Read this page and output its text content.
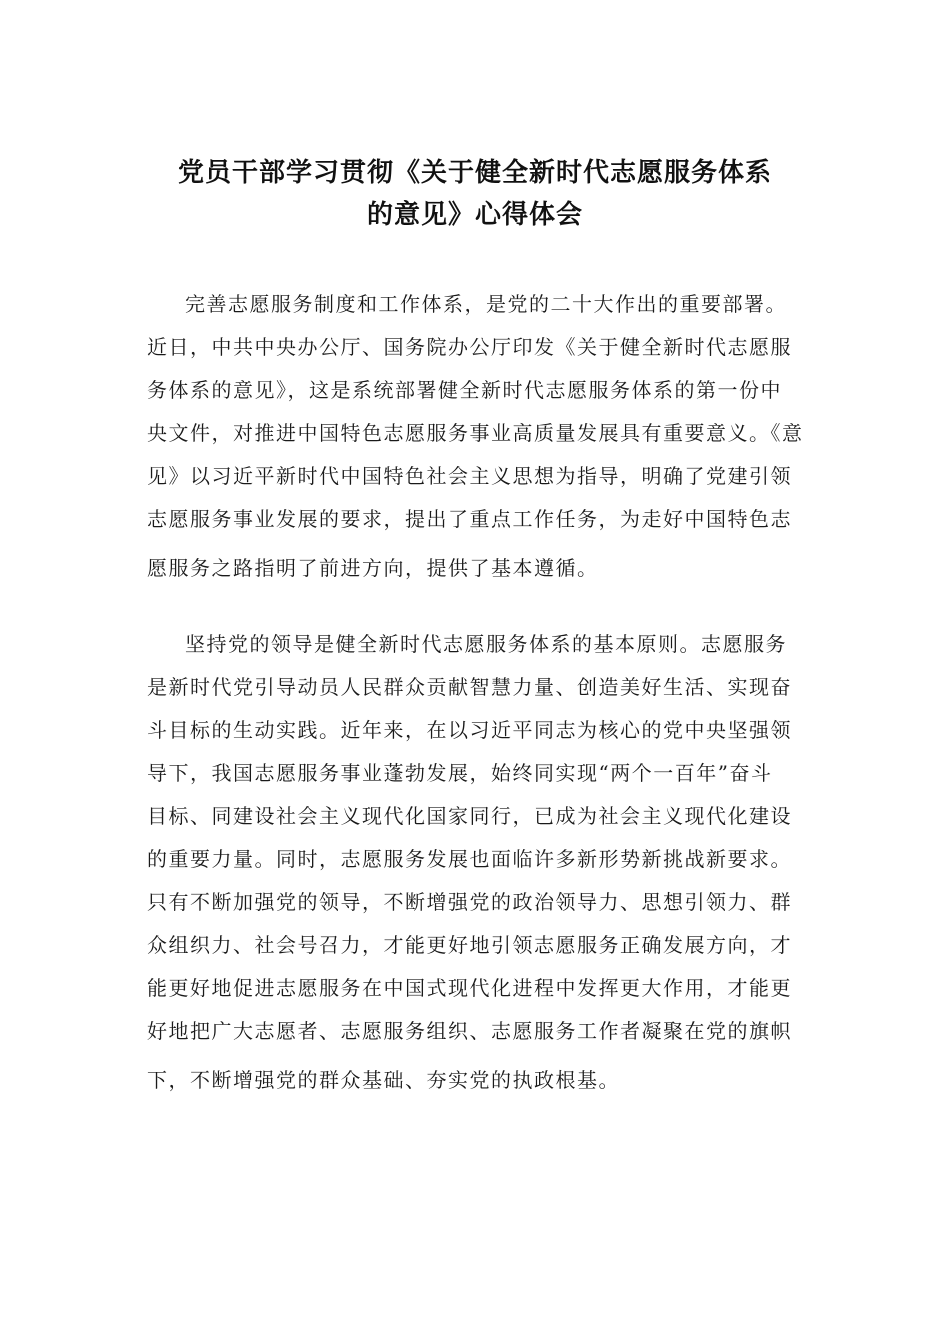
党员干部学习贯彻《关于健全新时代志愿服务体系
的意见》心得体会
完善志愿服务制度和工作体系，是党的二十大作出的重要部署。
近日，中共中央办公厅、国务院办公厅印发《关于健全新时代志愿服
务体系的意见》，这是系统部署健全新时代志愿服务体系的第一份中
央文件，对推进中国特色志愿服务事业高质量发展具有重要意义。《意
见》以习近平新时代中国特色社会主义思想为指导，明确了党建引领
志愿服务事业发展的要求，提出了重点工作任务，为走好中国特色志
愿服务之路指明了前进方向，提供了基本遵循。
坚持党的领导是健全新时代志愿服务体系的基本原则。志愿服务
是新时代党引导动员人民群众贡献智慧力量、创造美好生活、实现奋
斗目标的生动实践。近年来，在以习近平同志为核心的党中央坚强领
导下，我国志愿服务事业蓬勃发展，始终同实现“两个一百年”奋斗
目标、同建设社会主义现代化国家同行，已成为社会主义现代化建设
的重要力量。同时，志愿服务发展也面临许多新形势新挑战新要求。
只有不断加强党的领导，不断增强党的政治领导力、思想引领力、群
众组织力、社会号召力，才能更好地引领志愿服务正确发展方向，才
能更好地促进志愿服务在中国式现代化进程中发挥更大作用，才能更
好地把广大志愿者、志愿服务组织、志愿服务工作者凝聚在党的旗帜
下，不断增强党的群众基础、夯实党的执政根基。
